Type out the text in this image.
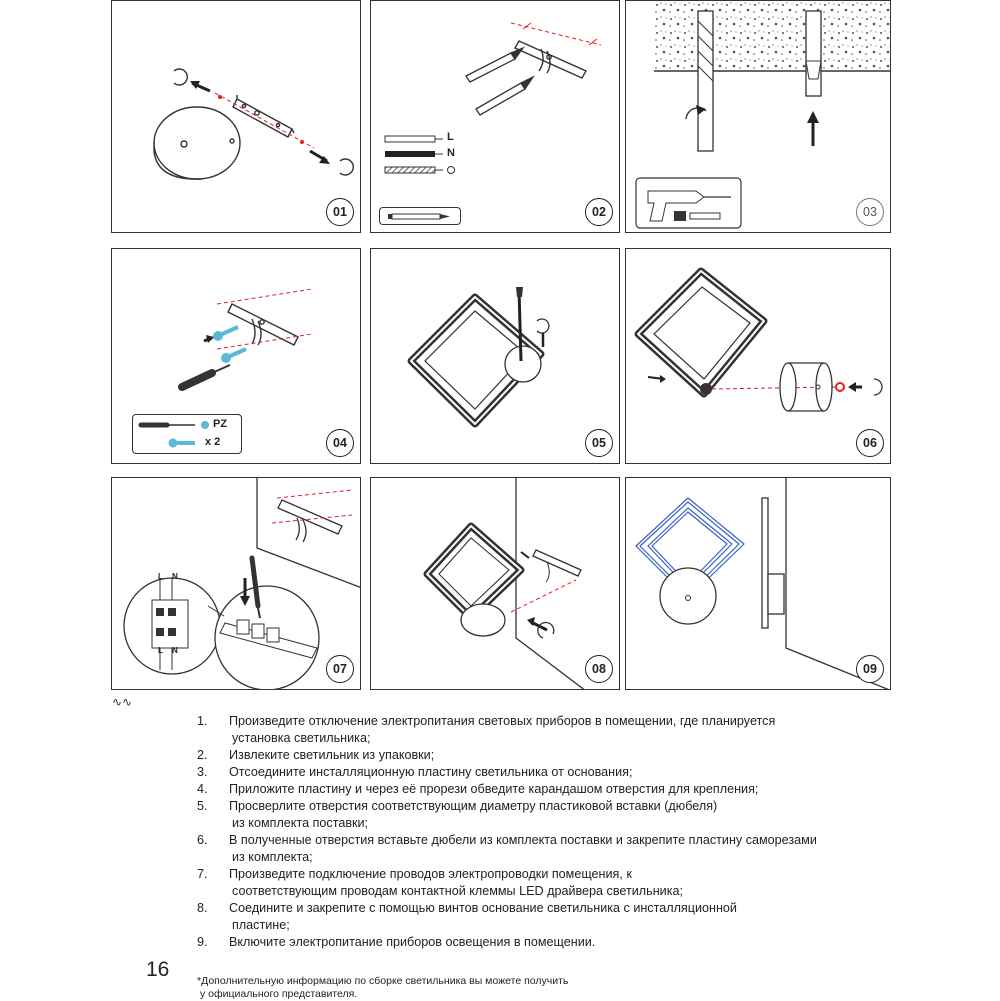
01
L
N
02	03
PZ
x 2	04	05	06
L N
L N
07	08	09
∿∿
1. Произведите отключение электропитания световых приборов в помещении, где планируется
установка светильника;
2. Извлеките светильник из упаковки;
3. Отсоедините инсталляционную пластину светильника от основания;
4. Приложите пластину и через её прорези обведите карандашом отверстия для крепления;
5. Просверлите отверстия соответствующим диаметру пластиковой вставки (дюбеля)
из комплекта поставки;
6. В полученные отверстия вставьте дюбели из комплекта поставки и закрепите пластину саморезами
из комплекта;
7. Произведите подключение проводов электропроводки помещения, к
соответствующим проводам контактной клеммы LED драйвера светильника;
8. Соедините и закрепите с помощью винтов основание светильника с инсталляционной
пластине;
9. Включите электропитание приборов освещения в помещении.
16	*Дополнительную информацию по сборке светильника вы можете получить
у официального представителя.
